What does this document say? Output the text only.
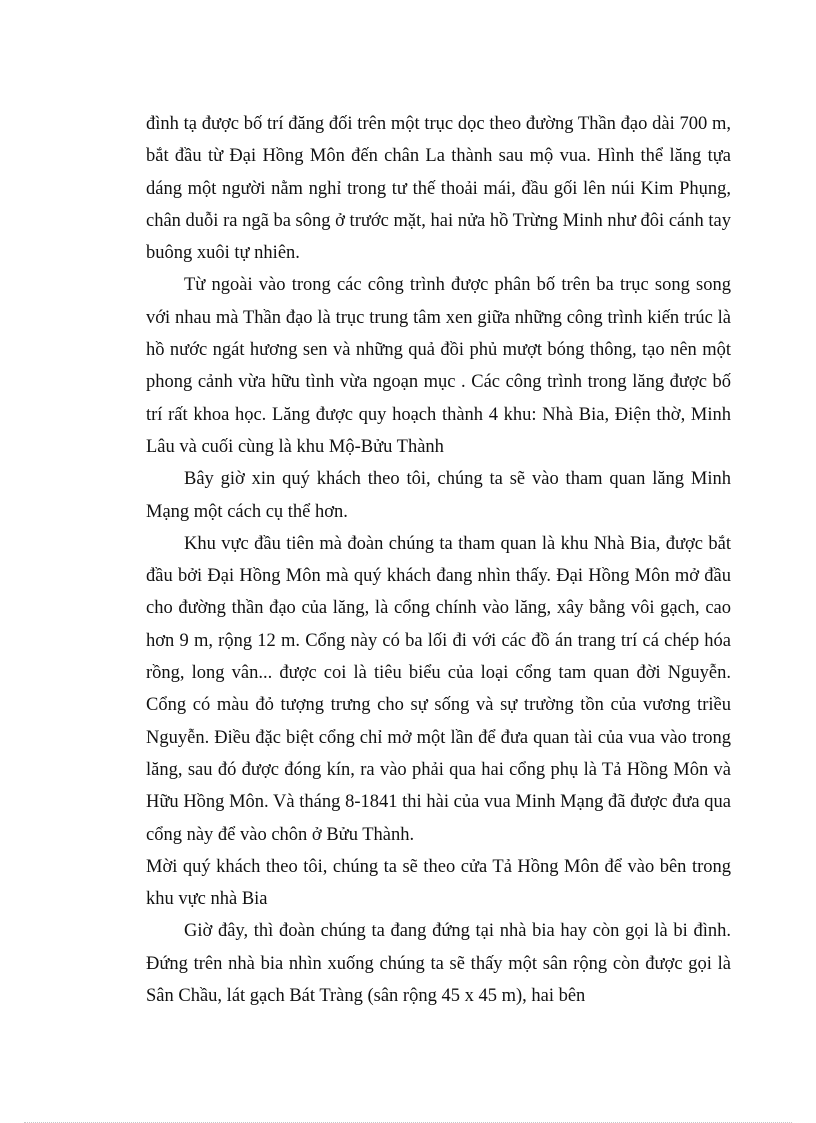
đình tạ được bố trí đăng đối trên một trục dọc theo đường Thần đạo dài 700 m, bắt đầu từ Đại Hồng Môn đến chân La thành sau mộ vua. Hình thể lăng tựa dáng một người nằm nghỉ trong tư thế thoải mái, đầu gối lên núi Kim Phụng, chân duỗi ra ngã ba sông ở trước mặt, hai nửa hồ Trừng Minh như đôi cánh tay buông xuôi tự nhiên.

Từ ngoài vào trong các công trình được phân bố trên ba trục song song với nhau mà Thần đạo là trục trung tâm xen giữa những công trình kiến trúc là hồ nước ngát hương sen và những quả đồi phủ mượt bóng thông, tạo nên một phong cảnh vừa hữu tình vừa ngoạn mục . Các công trình trong lăng được bố trí rất khoa học. Lăng được quy hoạch thành 4 khu: Nhà Bia, Điện thờ, Minh Lâu và cuối cùng là khu Mộ-Bửu Thành

Bây giờ xin quý khách theo tôi, chúng ta sẽ vào tham quan lăng Minh Mạng một cách cụ thể hơn.

Khu vực đầu tiên mà đoàn chúng ta tham quan là khu Nhà Bia, được bắt đầu bởi Đại Hồng Môn mà quý khách đang nhìn thấy. Đại Hồng Môn mở đầu cho đường thần đạo của lăng, là cổng chính vào lăng, xây bằng vôi gạch, cao hơn 9 m, rộng 12 m. Cổng này có ba lối đi với các đồ án trang trí cá chép hóa rồng, long vân... được coi là tiêu biểu của loại cổng tam quan đời Nguyễn. Cổng có màu đỏ tượng trưng cho sự sống và sự trường tồn của vương triều Nguyễn. Điều đặc biệt cổng chỉ mở một lần để đưa quan tài của vua vào trong lăng, sau đó được đóng kín, ra vào phải qua hai cổng phụ là Tả Hồng Môn và Hữu Hồng Môn. Và tháng 8-1841 thi hài của vua Minh Mạng đã được đưa qua cổng này để vào chôn ở Bửu Thành.

Mời quý khách theo tôi, chúng ta sẽ theo cửa Tả Hồng Môn để vào bên trong khu vực nhà Bia

Giờ đây, thì đoàn chúng ta đang đứng tại nhà bia hay còn gọi là bi đình. Đứng trên nhà bia nhìn xuống chúng ta sẽ thấy một sân rộng còn được gọi là Sân Chầu, lát gạch Bát Tràng (sân rộng 45 x 45 m), hai bên
